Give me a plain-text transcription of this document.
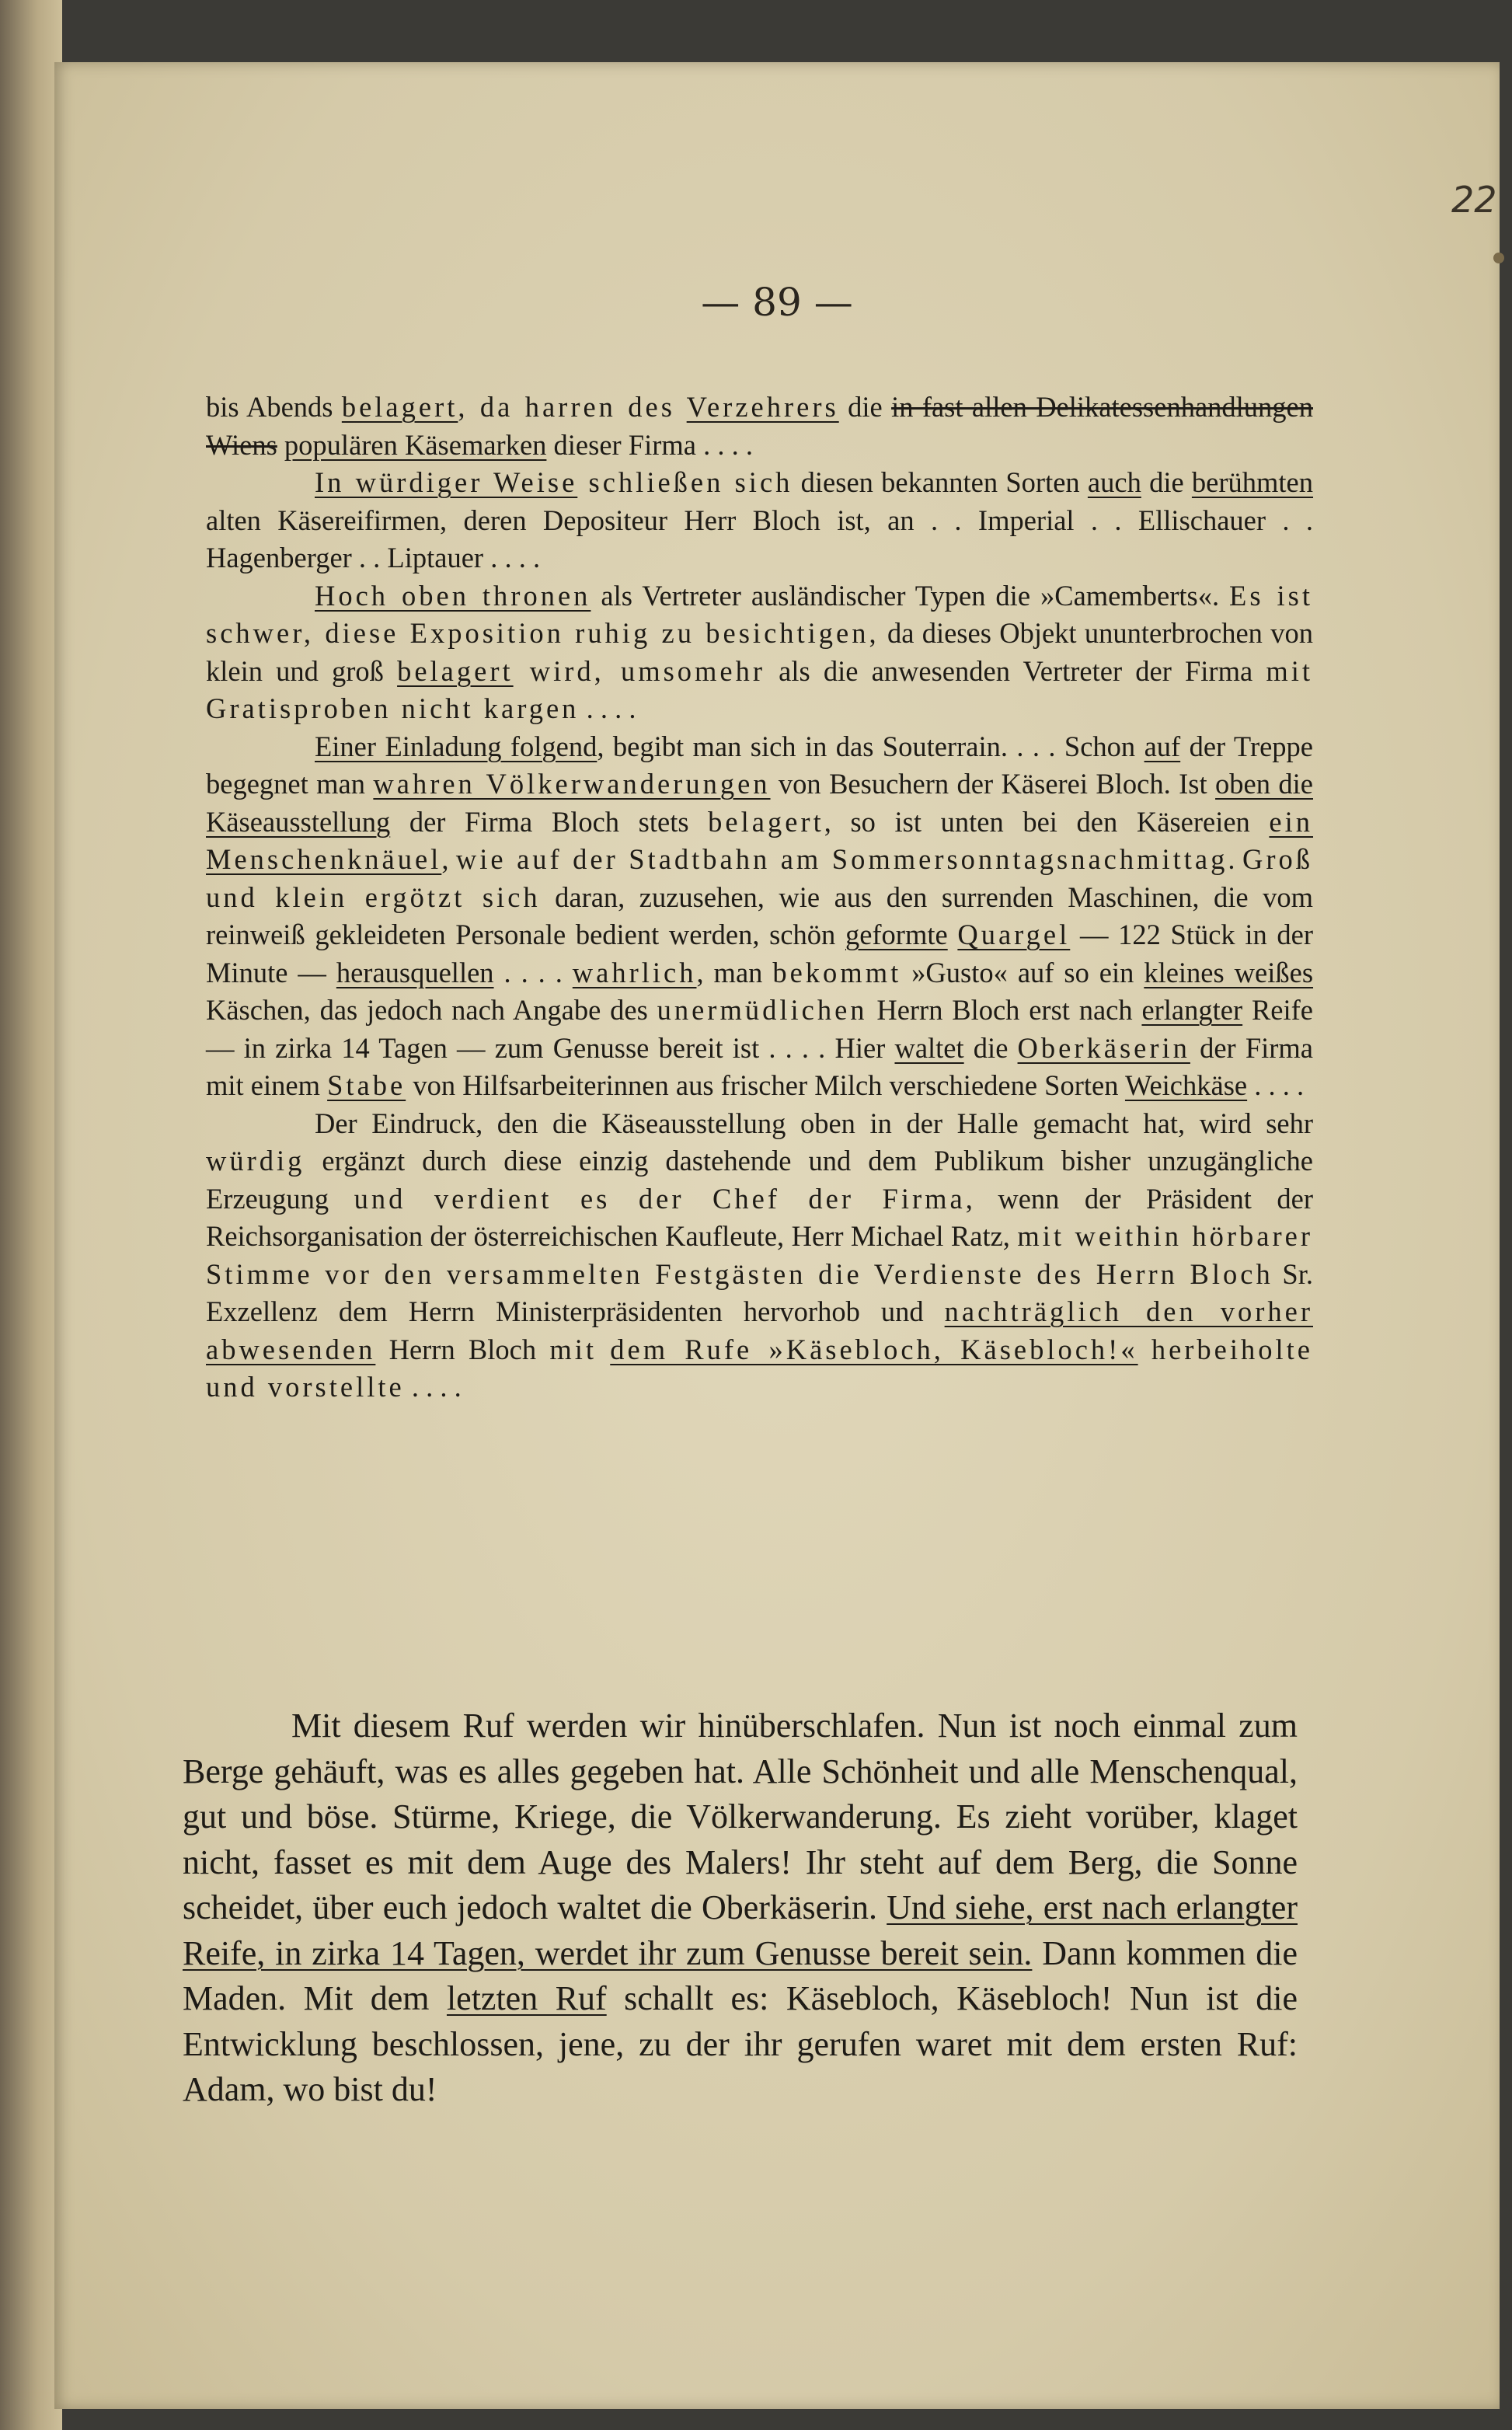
22
— 89 —

bis Abends belagert, da harren des Verzehrers die in fast allen Delikatessenhandlungen Wiens populären Käsemarken dieser Firma . . . .

In würdiger Weise schließen sich diesen bekannten Sorten auch die berühmten alten Käsereifirmen, deren Depositeur Herr Bloch ist, an . . Imperial . . Ellischauer . . Hagenberger . . Liptauer . . . .

Hoch oben thronen als Vertreter ausländischer Typen die »Camemberts«. Es ist schwer, diese Exposition ruhig zu besichtigen, da dieses Objekt ununterbrochen von klein und groß belagert wird, umsomehr als die anwesenden Vertreter der Firma mit Gratisproben nicht kargen . . . .

Einer Einladung folgend, begibt man sich in das Souterrain. . . . Schon auf der Treppe begegnet man wahren Völkerwanderungen von Besuchern der Käserei Bloch. Ist oben die Käseausstellung der Firma Bloch stets belagert, so ist unten bei den Käsereien ein Menschenknäuel, wie auf der Stadtbahn am Sommersonntagsnachmittag. Groß und klein ergötzt sich daran, zuzusehen, wie aus den surrenden Maschinen, die vom reinweiß gekleideten Personale bedient werden, schön geformte Quargel — 122 Stück in der Minute — herausquellen . . . . wahrlich, man bekommt »Gusto« auf so ein kleines weißes Käschen, das jedoch nach Angabe des unermüdlichen Herrn Bloch erst nach erlangter Reife — in zirka 14 Tagen — zum Genusse bereit ist . . . . Hier waltet die Oberkäserin der Firma mit einem Stabe von Hilfsarbeiterinnen aus frischer Milch verschiedene Sorten Weichkäse . . . .

Der Eindruck, den die Käseausstellung oben in der Halle gemacht hat, wird sehr würdig ergänzt durch diese einzig dastehende und dem Publikum bisher unzugängliche Erzeugung und verdient es der Chef der Firma, wenn der Präsident der Reichsorganisation der österreichischen Kaufleute, Herr Michael Ratz, mit weithin hörbarer Stimme vor den versammelten Festgästen die Verdienste des Herrn Bloch Sr. Exzellenz dem Herrn Ministerpräsidenten hervorhob und nachträglich den vorher abwesenden Herrn Bloch mit dem Rufe »Käsebloch, Käsebloch!« herbeiholte und vorstellte . . . .

Mit diesem Ruf werden wir hinüberschlafen. Nun ist noch einmal zum Berge gehäuft, was es alles gegeben hat. Alle Schönheit und alle Menschenqual, gut und böse. Stürme, Kriege, die Völkerwanderung. Es zieht vorüber, klaget nicht, fasset es mit dem Auge des Malers! Ihr steht auf dem Berg, die Sonne scheidet, über euch jedoch waltet die Oberkäserin. Und siehe, erst nach erlangter Reife, in zirka 14 Tagen, werdet ihr zum Genusse bereit sein. Dann kommen die Maden. Mit dem letzten Ruf schallt es: Käsebloch, Käsebloch! Nun ist die Entwicklung beschlossen, jene, zu der ihr gerufen waret mit dem ersten Ruf: Adam, wo bist du!
